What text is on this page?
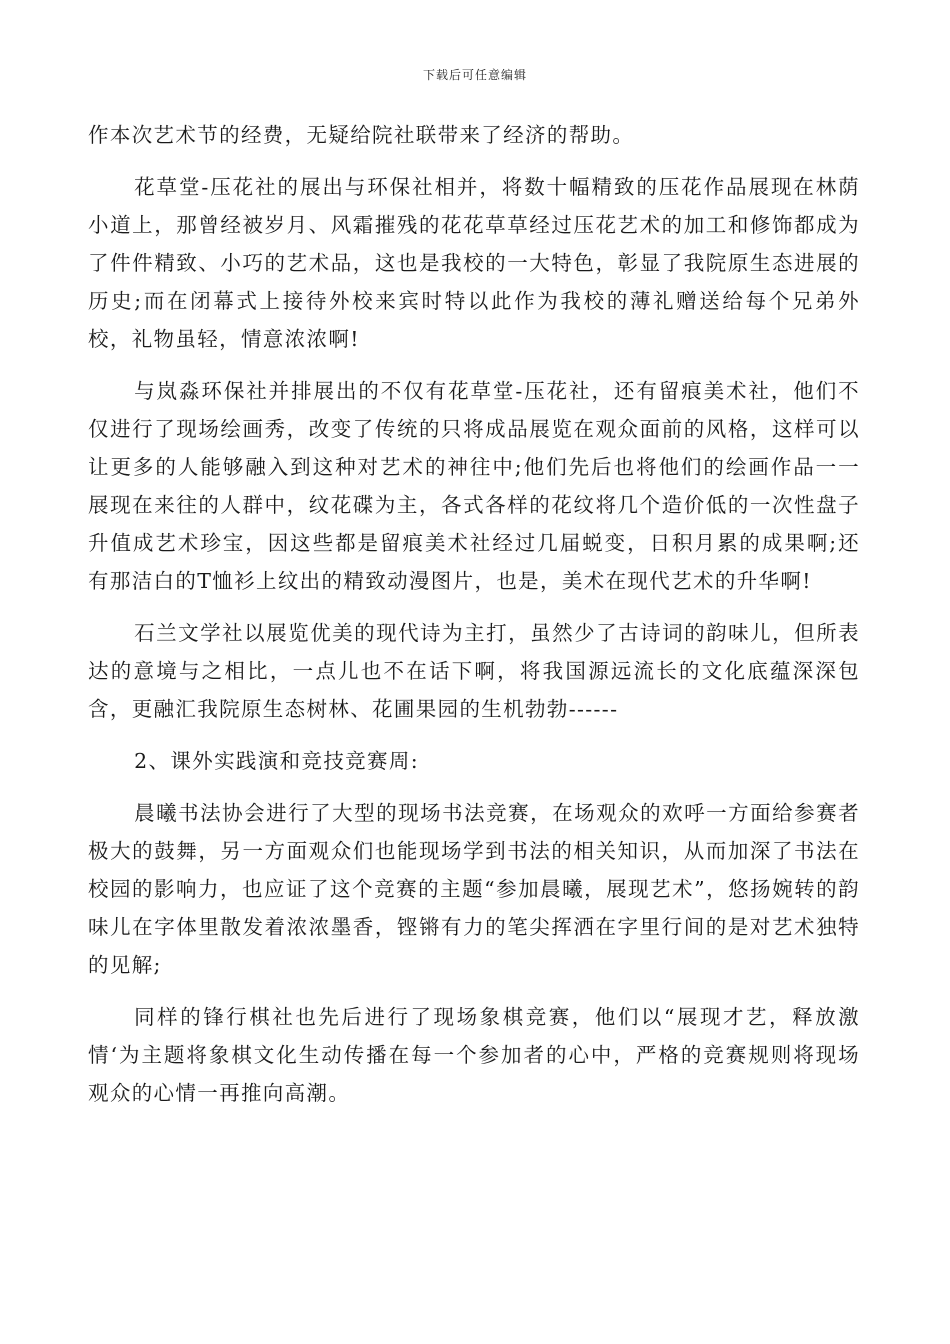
下载后可任意编辑

作本次艺术节的经费，无疑给院社联带来了经济的帮助。

花草堂-压花社的展出与环保社相并，将数十幅精致的压花作品展现在林荫小道上，那曾经被岁月、风霜摧残的花花草草经过压花艺术的加工和修饰都成为了件件精致、小巧的艺术品，这也是我校的一大特色，彰显了我院原生态进展的历史;而在闭幕式上接待外校来宾时特以此作为我校的薄礼赠送给每个兄弟外校，礼物虽轻，情意浓浓啊!

与岚淼环保社并排展出的不仅有花草堂-压花社，还有留痕美术社，他们不仅进行了现场绘画秀，改变了传统的只将成品展览在观众面前的风格，这样可以让更多的人能够融入到这种对艺术的神往中;他们先后也将他们的绘画作品一一展现在来往的人群中，纹花碟为主，各式各样的花纹将几个造价低的一次性盘子升值成艺术珍宝，因这些都是留痕美术社经过几届蜕变，日积月累的成果啊;还有那洁白的T恤衫上纹出的精致动漫图片，也是，美术在现代艺术的升华啊!

石兰文学社以展览优美的现代诗为主打，虽然少了古诗词的韵味儿，但所表达的意境与之相比，一点儿也不在话下啊，将我国源远流长的文化底蕴深深包含，更融汇我院原生态树林、花圃果园的生机勃勃------

2、课外实践演和竞技竞赛周:

晨曦书法协会进行了大型的现场书法竞赛，在场观众的欢呼一方面给参赛者极大的鼓舞，另一方面观众们也能现场学到书法的相关知识，从而加深了书法在校园的影响力，也应证了这个竞赛的主题“参加晨曦，展现艺术”，悠扬婉转的韵味儿在字体里散发着浓浓墨香，铿锵有力的笔尖挥洒在字里行间的是对艺术独特的见解;

同样的锋行棋社也先后进行了现场象棋竞赛，他们以“展现才艺，释放激情‘为主题将象棋文化生动传播在每一个参加者的心中，严格的竞赛规则将现场观众的心情一再推向高潮。
